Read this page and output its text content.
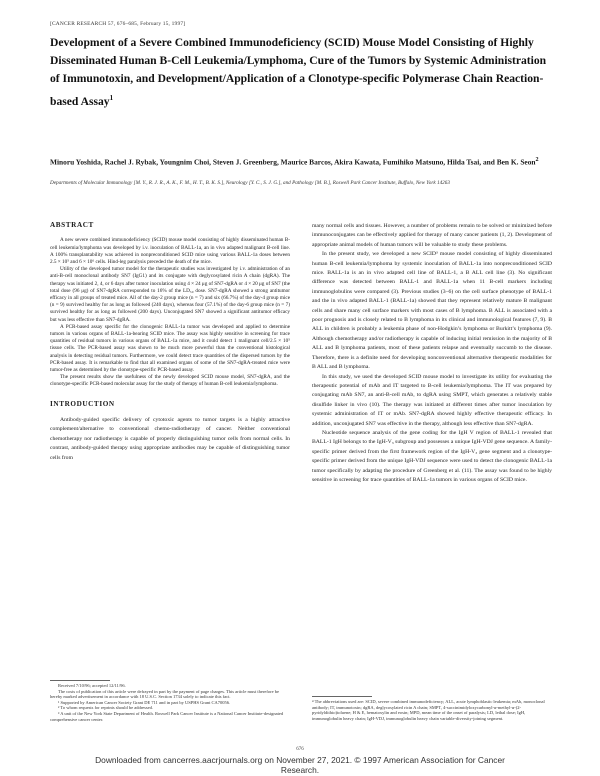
[CANCER RESEARCH 57, 676–685, February 15, 1997]
Development of a Severe Combined Immunodeficiency (SCID) Mouse Model Consisting of Highly Disseminated Human B-Cell Leukemia/Lymphoma, Cure of the Tumors by Systemic Administration of Immunotoxin, and Development/Application of a Clonotype-specific Polymerase Chain Reaction-based Assay$^1$
Minoru Yoshida, Rachel J. Rybak, Youngnim Choi, Steven J. Greenberg, Maurice Barcos, Akira Kawata, Fumihiko Matsuno, Hilda Tsai, and Ben K. Seon$^2$
Departments of Molecular Immunology [M. Y., R. J. R., A. K., F. M., H. T., B. K. S.], Neurology [Y. C., S. J. G.], and Pathology [M. B.], Roswell Park Cancer Institute, Buffalo, New York 14263
ABSTRACT

A new severe combined immunodeficiency (SCID) mouse model consisting of highly disseminated human B-cell leukemia/lymphoma was developed by i.v. inoculation of BALL-1a, an in vivo adapted malignant B-cell line. A 100% transplantability was achieved in nonpreconditioned SCID mice using various BALL-1a doses between 2.5 × 10⁵ and 6 × 10⁶ cells. Hind-leg paralysis preceded the death of the mice.

Utility of the developed tumor model for the therapeutic studies was investigated by i.v. administration of an anti-B-cell monoclonal antibody SN7 (IgG1) and its conjugate with deglycosylated ricin A chain (dgRA). The therapy was initiated 2, 4, or 6 days after tumor inoculation using 4 × 24 μg of SN7-dgRA or 4 × 20 μg of SN7 (the total dose (96 μg) of SN7-dgRA corresponded to 16% of the LD₅₀ dose. SN7-dgRA showed a strong antitumor efficacy in all groups of treated mice. All of the day-2 group mice (n = 7) and six (66.7%) of the day-4 group mice (n = 9) survived healthy for as long as followed (240 days), whereas four (57.1%) of the day-6 group mice (n = 7) survived healthy for as long as followed (200 days). Unconjugated SN7 showed a significant antitumor efficacy but was less effective than SN7-dgRA.

A PCR-based assay specific for the clonogenic BALL-1a tumor was developed and applied to determine tumors in various organs of BALL-1a-bearing SCID mice. The assay was highly sensitive in screening for trace quantities of residual tumors in various organs of BALL-1a mice, and it could detect 1 malignant cell/2.5 × 10⁵ tissue cells. The PCR-based assay was shown to be much more powerful than the conventional histological analysis in detecting residual tumors. Furthermore, we could detect trace quantities of the dispersed tumors by the PCR-based assay. It is remarkable to find that all examined organs of some of the SN7-dgRA-treated mice were tumor-free as determined by the clonotype-specific PCR-based assay.

The present results show the usefulness of the newly developed SCID mouse model, SN7-dgRA, and the clonotype-specific PCR-based molecular assay for the study of therapy of human B-cell leukemia/lymphoma.

INTRODUCTION

Antibody-guided specific delivery of cytotoxic agents to tumor targets is a highly attractive complement/alternative to conventional chemo-radiotherapy of cancer. Neither conventional chemotherapy nor radiotherapy is capable of properly distinguishing tumor cells from normal cells. In contrast, antibody-guided therapy using appropriate antibodies may be capable of distinguishing tumor cells from

many normal cells and tissues. However, a number of problems remain to be solved or minimized before immunoconjugates can be effectively applied for therapy of many cancer patients (1, 2). Development of appropriate animal models of human tumors will be valuable to study these problems.

In the present study, we developed a new SCID³ mouse model consisting of highly disseminated human B-cell leukemia/lymphoma by systemic inoculation of BALL-1a into nonpreconditioned SCID mice. BALL-1a is an in vivo adapted cell line of BALL-1, a B ALL cell line (3). No significant difference was detected between BALL-1 and BALL-1a when 11 B-cell markers including immunoglobulins were compared (3). Previous studies (3–6) on the cell surface phenotype of BALL-1 and the in vivo adapted BALL-1 (BALL-1a) showed that they represent relatively mature B malignant cells and share many cell surface markers with most cases of B lymphoma. B ALL is associated with a poor prognosis and is closely related to B lymphoma in its clinical and immunological features (7, 9). B ALL in children is probably a leukemia phase of non-Hodgkin’s lymphoma or Burkitt’s lymphoma (9). Although chemotherapy and/or radiotherapy is capable of inducing initial remission in the majority of B ALL and B lymphoma patients, most of these patients relapse and eventually succumb to the disease. Therefore, there is a definite need for developing nonconventional alternative therapeutic modalities for B ALL and B lymphoma.

In this study, we used the developed SCID mouse model to investigate its utility for evaluating the therapeutic potential of mAb and IT targeted to B-cell leukemia/lymphoma. The IT was prepared by conjugating mAb SN7, an anti-B-cell mAb, to dgRA using SMPT, which generates a relatively stable disulfide linker in vivo (10). The therapy was initiated at different times after tumor inoculation by systemic administration of IT or mAb. SN7-dgRA showed highly effective therapeutic efficacy. In addition, unconjugated SN7 was effective in the therapy, although less effective than SN7-dgRA.

Nucleotide sequence analysis of the gene coding for the IgH V region of BALL-1 revealed that BALL-1 IgH belongs to the IgH-V₃ subgroup and possesses a unique IgH-VDJ gene sequence. A family-specific primer derived from the first framework region of the IgH-V₃ gene segment and a clonotype-specific primer derived from the unique IgH-VDJ sequence were used to detect the clonogenic BALL-1a tumor specifically by adapting the procedure of Greenberg et al. (11). The assay was found to be highly sensitive in screening for trace quantities of BALL-1a tumors in various organs of SCID mice.

Received 7/10/96; accepted 12/11/96.

The costs of publication of this article were defrayed in part by the payment of page charges. This article must therefore be hereby marked advertisement in accordance with 18 U.S.C. Section 1734 solely to indicate this fact.

¹ Supported by American Cancer Society Grant DE 711 and in part by USPHS Grant CA70056.

² To whom requests for reprints should be addressed.

³ A unit of the New York State Department of Health. Roswell Park Cancer Institute is a National Cancer Institute-designated comprehensive cancer center.

⁴ The abbreviations used are: SCID, severe combined immunodeficiency; ALL, acute lymphoblastic leukemia; mAb, monoclonal antibody; IT, immunotoxin; dgRA, deglycosylated ricin A chain; SMPT, 4-succinimidyloxycarbonyl-α-methyl-α-(2-pyridyldithio)toluene; H & E, hematoxylin and eosin; MPD, mean time of the onset of paralysis; LD, lethal dose; IgH, immunoglobulin heavy chain; IgH-VDJ, immunoglobulin heavy chain variable-diversity-joining segment.
676
Downloaded from cancerres.aacrjournals.org on November 27, 2021. © 1997 American Association for Cancer
Research.
